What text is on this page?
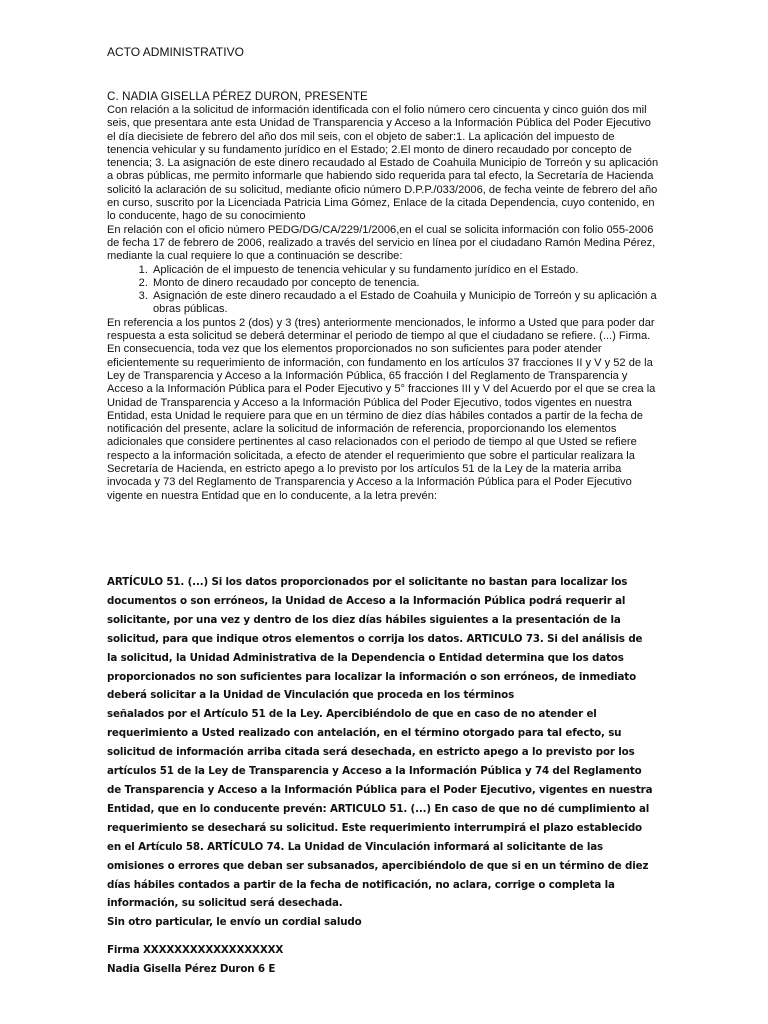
ACTO ADMINISTRATIVO
C. NADIA GISELLA PÉREZ DURON, PRESENTE

Con relación a la solicitud de información identificada con el folio número cero cincuenta y cinco guión dos mil seis, que presentara ante esta Unidad de Transparencia y Acceso a la Información Pública del Poder Ejecutivo el día diecisiete de febrero del año dos mil seis, con el objeto de saber:1. La aplicación del impuesto de tenencia vehicular y su fundamento jurídico en el Estado; 2.El monto de dinero recaudado por concepto de tenencia; 3. La asignación de este dinero recaudado al Estado de Coahuila Municipio de Torreón y su aplicación a obras públicas, me permito informarle que habiendo sido requerida para tal efecto, la Secretaría de Hacienda solicitó la aclaración de su solicitud, mediante oficio número D.P.P./033/2006, de fecha veinte de febrero del año en curso, suscrito por la Licenciada Patricia Lima Gómez, Enlace de la citada Dependencia, cuyo contenido, en lo conducente, hago de su conocimiento

En relación con el oficio número PEDG/DG/CA/229/1/2006,en el cual se solicita información con folio 055-2006 de fecha 17 de febrero de 2006, realizado a través del servicio en línea por el ciudadano Ramón Medina Pérez, mediante la cual requiere lo que a continuación se describe:

1. Aplicación de el impuesto de tenencia vehicular y su fundamento jurídico en el Estado.
2. Monto de dinero recaudado por concepto de tenencia.
3. Asignación de este dinero recaudado a el Estado de Coahuila y Municipio de Torreón y su aplicación a obras públicas.

En referencia a los puntos 2 (dos) y 3 (tres) anteriormente mencionados, le informo a Usted que para poder dar respuesta a esta solicitud se deberá determinar el periodo de tiempo al que el ciudadano se refiere. (...) Firma.

En consecuencia, toda vez que los elementos proporcionados no son suficientes para poder atender eficientemente su requerimiento de información, con fundamento en los artículos 37 fracciones II y V y 52 de la Ley de Transparencia y Acceso a la Información Pública, 65 fracción I del Reglamento de Transparencia y Acceso a la Información Pública para el Poder Ejecutivo y 5° fracciones III y V del Acuerdo por el que se crea la Unidad de Transparencia y Acceso a la Información Pública del Poder Ejecutivo, todos vigentes en nuestra Entidad, esta Unidad le requiere para que en un término de diez días hábiles contados a partir de la fecha de notificación del presente, aclare la solicitud de información de referencia, proporcionando los elementos adicionales que considere pertinentes al caso relacionados con el periodo de tiempo al que Usted se refiere respecto a la información solicitada, a efecto de atender el requerimiento que sobre el particular realizara la Secretaría de Hacienda, en estricto apego a lo previsto por los artículos 51 de la Ley de la materia arriba invocada y 73 del Reglamento de Transparencia y Acceso a la Información Pública para el Poder Ejecutivo vigente en nuestra Entidad que en lo conducente, a la letra prevén:

ARTÍCULO 51. (...) Si los datos proporcionados por el solicitante no bastan para localizar los documentos o son erróneos, la Unidad de Acceso a la Información Pública podrá requerir al solicitante, por una vez y dentro de los diez días hábiles siguientes a la presentación de la solicitud, para que indique otros elementos o corrija los datos. ARTICULO 73. Si del análisis de la solicitud, la Unidad Administrativa de la Dependencia o Entidad determina que los datos proporcionados no son suficientes para localizar la información o son erróneos, de inmediato deberá solicitar a la Unidad de Vinculación que proceda en los términos

señalados por el Artículo 51 de la Ley. Apercibiéndolo de que en caso de no atender el requerimiento a Usted realizado con antelación, en el término otorgado para tal efecto, su solicitud de información arriba citada será desechada, en estricto apego a lo previsto por los artículos 51 de la Ley de Transparencia y Acceso a la Información Pública y 74 del Reglamento de Transparencia y Acceso a la Información Pública para el Poder Ejecutivo, vigentes en nuestra Entidad, que en lo conducente prevén: ARTICULO 51. (...) En caso de que no dé cumplimiento al requerimiento se desechará su solicitud. Este requerimiento interrumpirá el plazo establecido en el Artículo 58. ARTÍCULO 74. La Unidad de Vinculación informará al solicitante de las omisiones o errores que deban ser subsanados, apercibiéndolo de que si en un término de diez días hábiles contados a partir de la fecha de notificación, no aclara, corrige o completa la información, su solicitud será desechada.

Sin otro particular, le envío un cordial saludo

Firma XXXXXXXXXXXXXXXXXX

Nadia Gisella Pérez Duron 6 E
